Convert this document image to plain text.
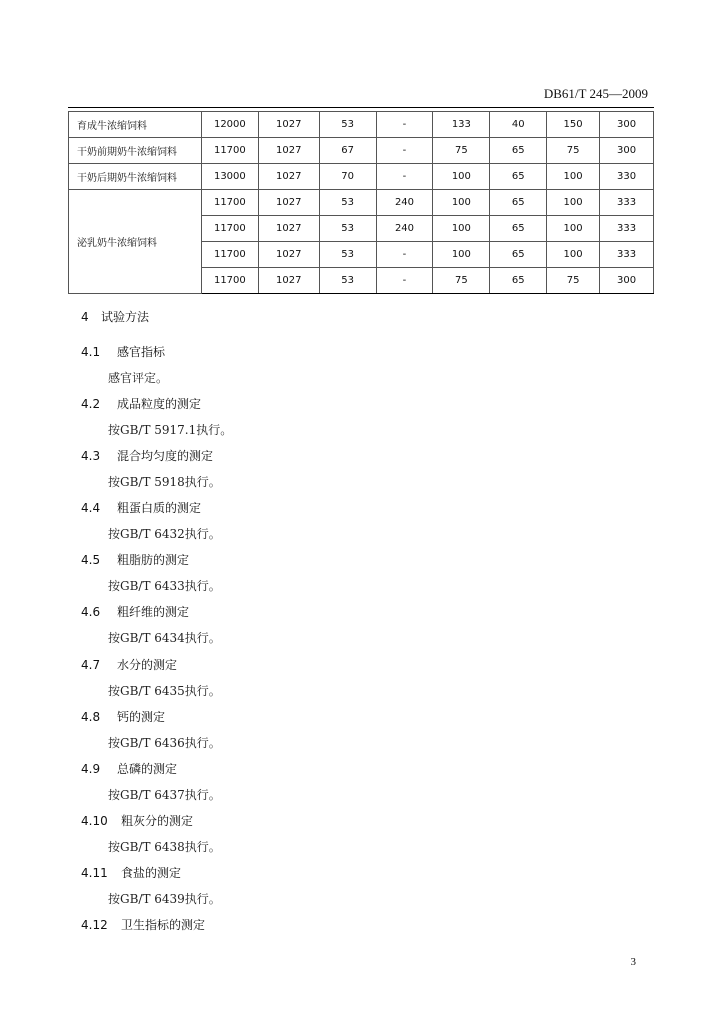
DB61/T 245—2009
育成牛浓缩饲料	12000	1027	53	-	133	40	150	300
干奶前期奶牛浓缩饲料	11700	1027	67	-	75	65	75	300
干奶后期奶牛浓缩饲料	13000	1027	70	-	100	65	100	330
泌乳奶牛浓缩饲料	11700	1027	53	240	100	65	100	333
	11700	1027	53	240	100	65	100	333
	11700	1027	53	-	100	65	100	333
	11700	1027	53	-	75	65	75	300
4 试验方法
4.1 感官指标
感官评定。
4.2 成品粒度的测定
按GB/T 5917.1执行。
4.3 混合均匀度的测定
按GB/T 5918执行。
4.4 粗蛋白质的测定
按GB/T 6432执行。
4.5 粗脂肪的测定
按GB/T 6433执行。
4.6 粗纤维的测定
按GB/T 6434执行。
4.7 水分的测定
按GB/T 6435执行。
4.8 钙的测定
按GB/T 6436执行。
4.9 总磷的测定
按GB/T 6437执行。
4.10 粗灰分的测定
按GB/T 6438执行。
4.11 食盐的测定
按GB/T 6439执行。
4.12 卫生指标的测定
3
